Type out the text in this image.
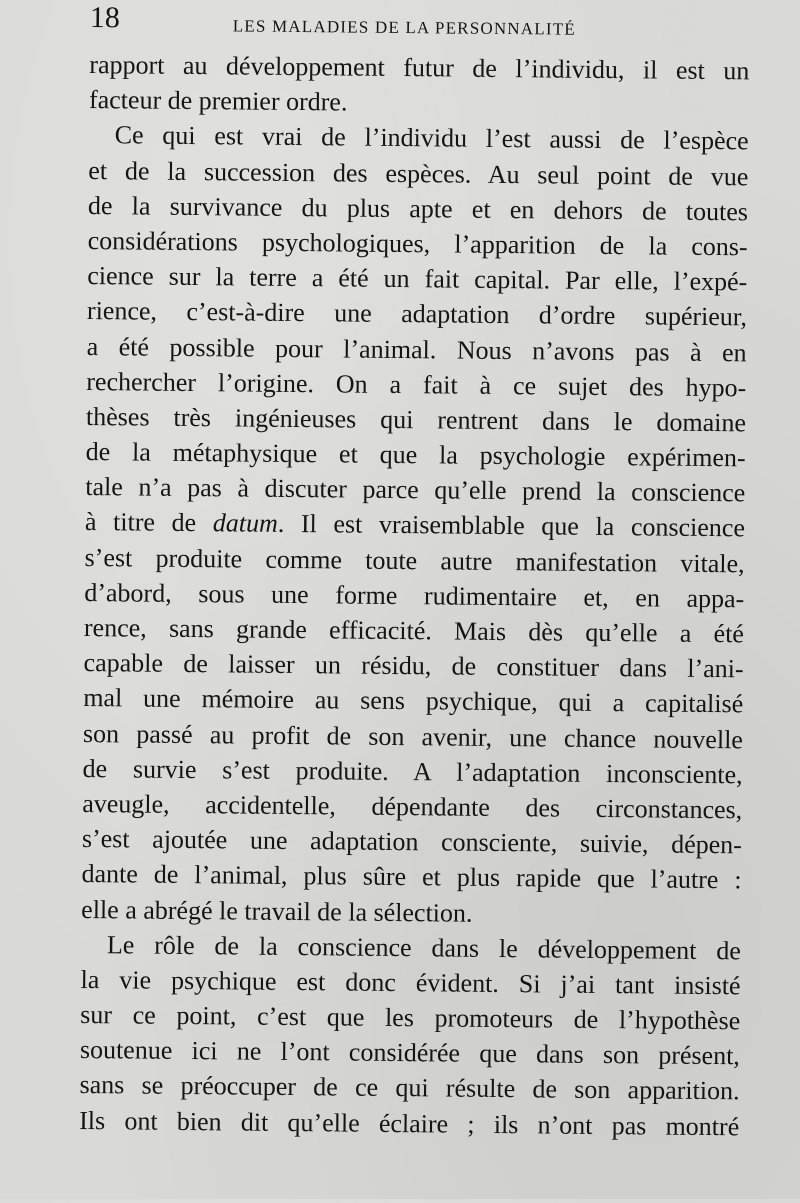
18	LES MALADIES DE LA PERSONNALITÉ
rapport au développement futur de l’individu, il est un
facteur de premier ordre.
Ce qui est vrai de l’individu l’est aussi de l’espèce
et de la succession des espèces. Au seul point de vue
de la survivance du plus apte et en dehors de toutes
considérations psychologiques, l’apparition de la cons-
cience sur la terre a été un fait capital. Par elle, l’expé-
rience, c’est-à-dire une adaptation d’ordre supérieur,
a été possible pour l’animal. Nous n’avons pas à en
rechercher l’origine. On a fait à ce sujet des hypo-
thèses très ingénieuses qui rentrent dans le domaine
de la métaphysique et que la psychologie expérimen-
tale n’a pas à discuter parce qu’elle prend la conscience
à titre de datum. Il est vraisemblable que la conscience
s’est produite comme toute autre manifestation vitale,
d’abord, sous une forme rudimentaire et, en appa-
rence, sans grande efficacité. Mais dès qu’elle a été
capable de laisser un résidu, de constituer dans l’ani-
mal une mémoire au sens psychique, qui a capitalisé
son passé au profit de son avenir, une chance nouvelle
de survie s’est produite. A l’adaptation inconsciente,
aveugle, accidentelle, dépendante des circonstances,
s’est ajoutée une adaptation consciente, suivie, dépen-
dante de l’animal, plus sûre et plus rapide que l’autre :
elle a abrégé le travail de la sélection.
Le rôle de la conscience dans le développement de
la vie psychique est donc évident. Si j’ai tant insisté
sur ce point, c’est que les promoteurs de l’hypothèse
soutenue ici ne l’ont considérée que dans son présent,
sans se préoccuper de ce qui résulte de son apparition.
Ils ont bien dit qu’elle éclaire ; ils n’ont pas montré
